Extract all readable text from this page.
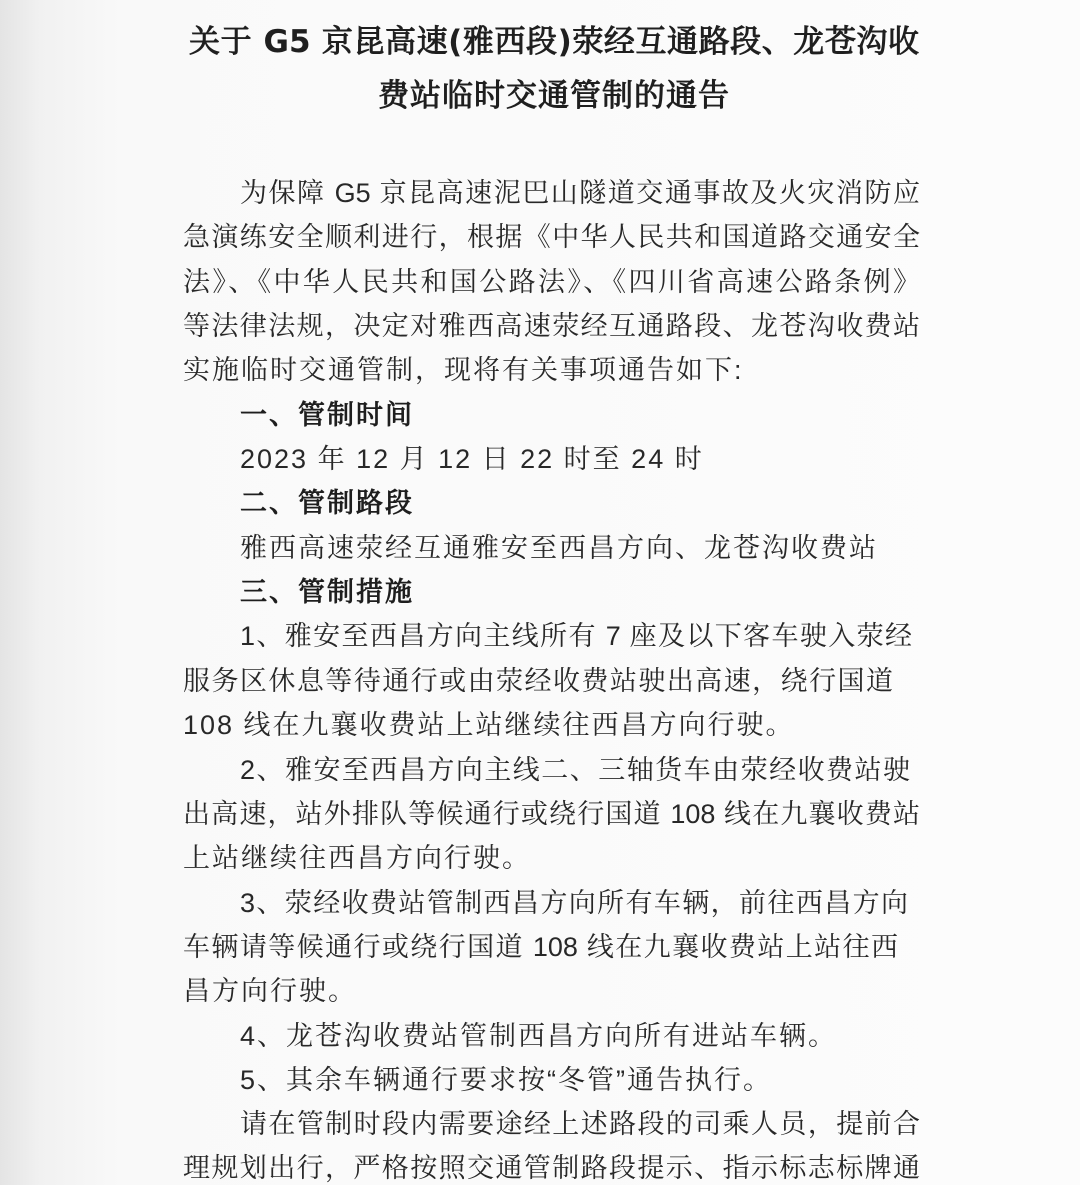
关于 G5 京昆高速(雅西段)荥经互通路段、龙苍沟收
费站临时交通管制的通告
为保障 G5 京昆高速泥巴山隧道交通事故及火灾消防应
急演练安全顺利进行，根据《中华人民共和国道路交通安全
法》、《中华人民共和国公路法》、《四川省高速公路条例》
等法律法规，决定对雅西高速荥经互通路段、龙苍沟收费站
实施临时交通管制，现将有关事项通告如下:
一、管制时间
2023 年 12 月 12 日 22 时至 24 时
二、管制路段
雅西高速荥经互通雅安至西昌方向、龙苍沟收费站
三、管制措施
1、雅安至西昌方向主线所有 7 座及以下客车驶入荥经
服务区休息等待通行或由荥经收费站驶出高速，绕行国道
108 线在九襄收费站上站继续往西昌方向行驶。
2、雅安至西昌方向主线二、三轴货车由荥经收费站驶
出高速，站外排队等候通行或绕行国道 108 线在九襄收费站
上站继续往西昌方向行驶。
3、荥经收费站管制西昌方向所有车辆，前往西昌方向
车辆请等候通行或绕行国道 108 线在九襄收费站上站往西
昌方向行驶。
4、龙苍沟收费站管制西昌方向所有进站车辆。
5、其余车辆通行要求按“冬管”通告执行。
请在管制时段内需要途经上述路段的司乘人员，提前合
理规划出行，严格按照交通管制路段提示、指示标志标牌通
